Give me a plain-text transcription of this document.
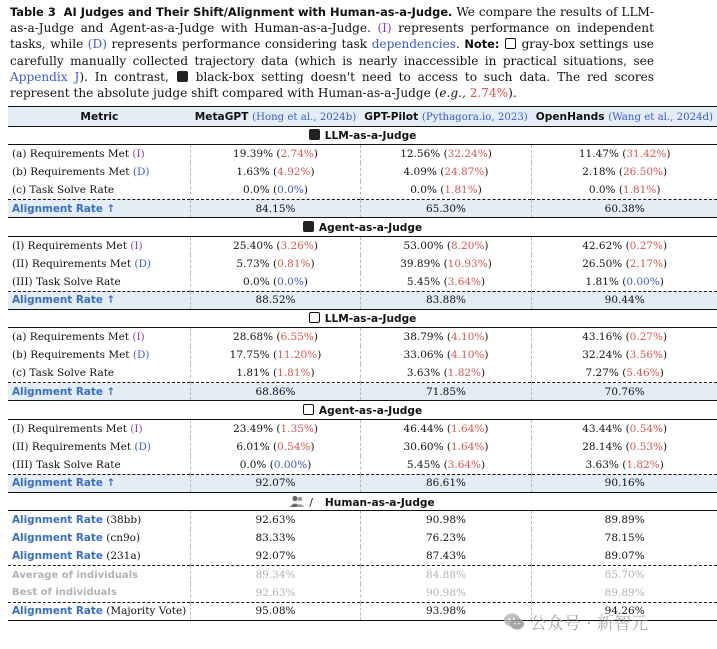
Table 3 AI Judges and Their Shift/Alignment with Human-as-a-Judge. We compare the results of LLM-as-a-Judge and Agent-as-a-Judge with Human-as-a-Judge. (I) represents performance on independent tasks, while (D) represents performance considering task dependencies. Note: gray-box settings use carefully manually collected trajectory data (which is nearly inaccessible in practical situations, see Appendix J). In contrast, black-box setting doesn't need to access to such data. The red scores represent the absolute judge shift compared with Human-as-a-Judge (e.g., 2.74%).
Metric	MetaGPT (Hong et al., 2024b)	GPT-Pilot (Pythagora.io, 2023)	OpenHands (Wang et al., 2024d)
LLM-as-a-Judge			
(a) Requirements Met (I)	19.39% (2.74%)	12.56% (32.24%)	11.47% (31.42%)
(b) Requirements Met (D)	1.63% (4.92%)	4.09% (24.87%)	2.18% (26.50%)
(c) Task Solve Rate	0.0% (0.0%)	0.0% (1.81%)	0.0% (1.81%)
Alignment Rate ↑	84.15%	65.30%	60.38%
Agent-as-a-Judge			
(I) Requirements Met (I)	25.40% (3.26%)	53.00% (8.20%)	42.62% (0.27%)
(II) Requirements Met (D)	5.73% (0.81%)	39.89% (10.93%)	26.50% (2.17%)
(III) Task Solve Rate	0.0% (0.0%)	5.45% (3.64%)	1.81% (0.00%)
Alignment Rate ↑	88.52%	83.88%	90.44%
LLM-as-a-Judge			
(a) Requirements Met (I)	28.68% (6.55%)	38.79% (4.10%)	43.16% (0.27%)
(b) Requirements Met (D)	17.75% (11.20%)	33.06% (4.10%)	32.24% (3.56%)
(c) Task Solve Rate	1.81% (1.81%)	3.63% (1.82%)	7.27% (5.46%)
Alignment Rate ↑	68.86%	71.85%	70.76%
Agent-as-a-Judge			
(I) Requirements Met (I)	23.49% (1.35%)	46.44% (1.64%)	43.44% (0.54%)
(II) Requirements Met (D)	6.01% (0.54%)	30.60% (1.64%)	28.14% (0.53%)
(III) Task Solve Rate	0.0% (0.00%)	5.45% (3.64%)	3.63% (1.82%)
Alignment Rate ↑	92.07%	86.61%	90.16%
/ Human-as-a-Judge			
Alignment Rate (38bb)	92.63%	90.98%	89.89%
Alignment Rate (cn9o)	83.33%	76.23%	78.15%
Alignment Rate (231a)	92.07%	87.43%	89.07%
Average of individuals	89.34%	84.88%	85.70%
Best of individuals	92.63%	90.98%	89.89%
Alignment Rate (Majority Vote)	95.08%	93.98%	94.26%
公众号 · 新智元
